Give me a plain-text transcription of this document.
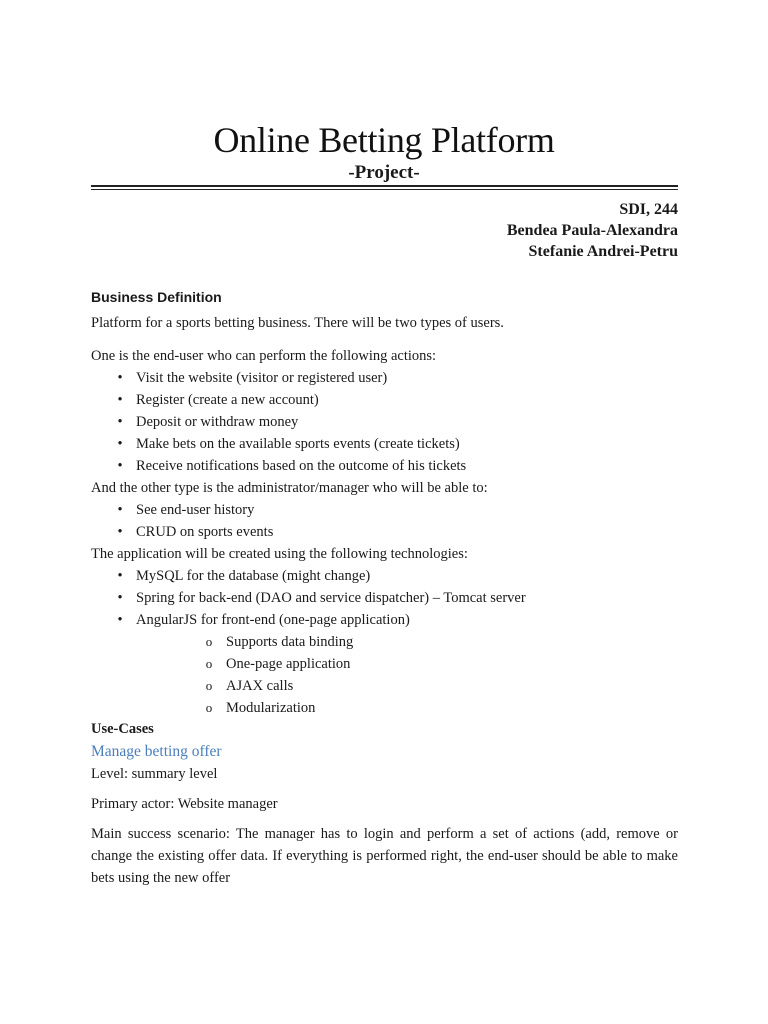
Online Betting Platform
-Project-
SDI, 244
Bendea Paula-Alexandra
Stefanie Andrei-Petru
Business Definition

Platform for a sports betting business. There will be two types of users.

One is the end-user who can perform the following actions:

• Visit the website (visitor or registered user)
• Register (create a new account)
• Deposit or withdraw money
• Make bets on the available sports events (create tickets)
• Receive notifications based on the outcome of his tickets

And the other type is the administrator/manager who will be able to:

• See end-user history
• CRUD on sports events

The application will be created using the following technologies:

• MySQL for the database (might change)
• Spring for back-end (DAO and service dispatcher) – Tomcat server
• AngularJS for front-end (one-page application)
o Supports data binding
o One-page application
o AJAX calls
o Modularization
Use-Cases
Manage betting offer

Level: summary level

Primary actor: Website manager

Main success scenario: The manager has to login and perform a set of actions (add, remove or change the existing offer data. If everything is performed right, the end-user should be able to make bets using the new offer
